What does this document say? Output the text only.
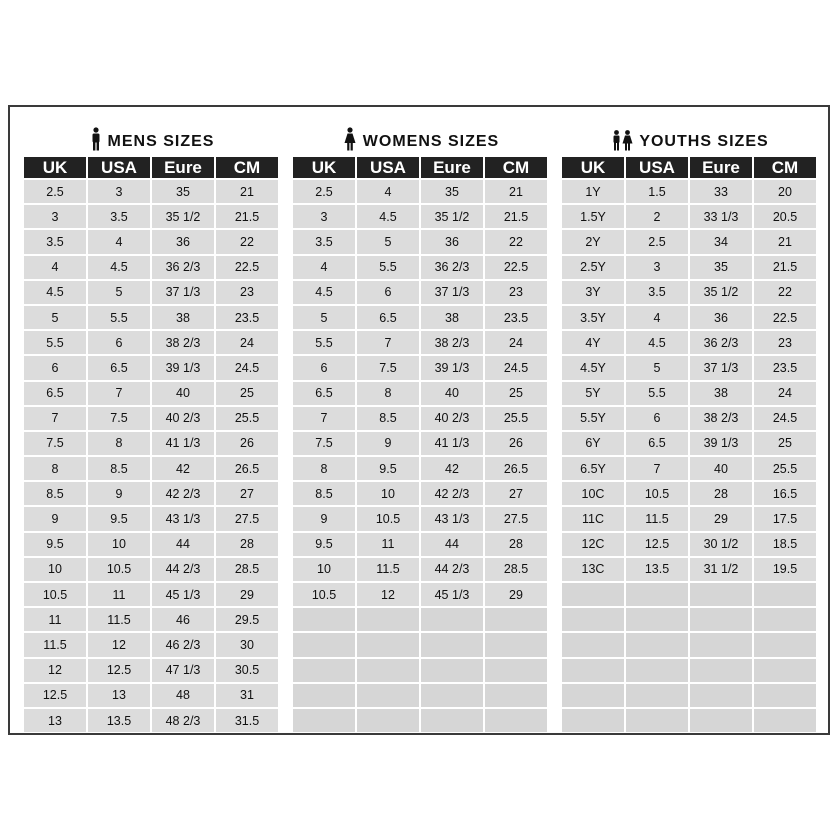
MENS SIZES
UK	USA	Eure	CM
2.5	3	35	21
3	3.5	35 1/2	21.5
3.5	4	36	22
4	4.5	36 2/3	22.5
4.5	5	37 1/3	23
5	5.5	38	23.5
5.5	6	38 2/3	24
6	6.5	39 1/3	24.5
6.5	7	40	25
7	7.5	40 2/3	25.5
7.5	8	41 1/3	26
8	8.5	42	26.5
8.5	9	42 2/3	27
9	9.5	43 1/3	27.5
9.5	10	44	28
10	10.5	44 2/3	28.5
10.5	11	45 1/3	29
11	11.5	46	29.5
11.5	12	46 2/3	30
12	12.5	47 1/3	30.5
12.5	13	48	31
13	13.5	48 2/3	31.5
WOMENS SIZES
UK	USA	Eure	CM
2.5	4	35	21
3	4.5	35 1/2	21.5
3.5	5	36	22
4	5.5	36 2/3	22.5
4.5	6	37 1/3	23
5	6.5	38	23.5
5.5	7	38 2/3	24
6	7.5	39 1/3	24.5
6.5	8	40	25
7	8.5	40 2/3	25.5
7.5	9	41 1/3	26
8	9.5	42	26.5
8.5	10	42 2/3	27
9	10.5	43 1/3	27.5
9.5	11	44	28
10	11.5	44 2/3	28.5
10.5	12	45 1/3	29

YOUTHS SIZES
UK	USA	Eure	CM
1Y	1.5	33	20
1.5Y	2	33 1/3	20.5
2Y	2.5	34	21
2.5Y	3	35	21.5
3Y	3.5	35 1/2	22
3.5Y	4	36	22.5
4Y	4.5	36 2/3	23
4.5Y	5	37 1/3	23.5
5Y	5.5	38	24
5.5Y	6	38 2/3	24.5
6Y	6.5	39 1/3	25
6.5Y	7	40	25.5
10C	10.5	28	16.5
11C	11.5	29	17.5
12C	12.5	30 1/2	18.5
13C	13.5	31 1/2	19.5
